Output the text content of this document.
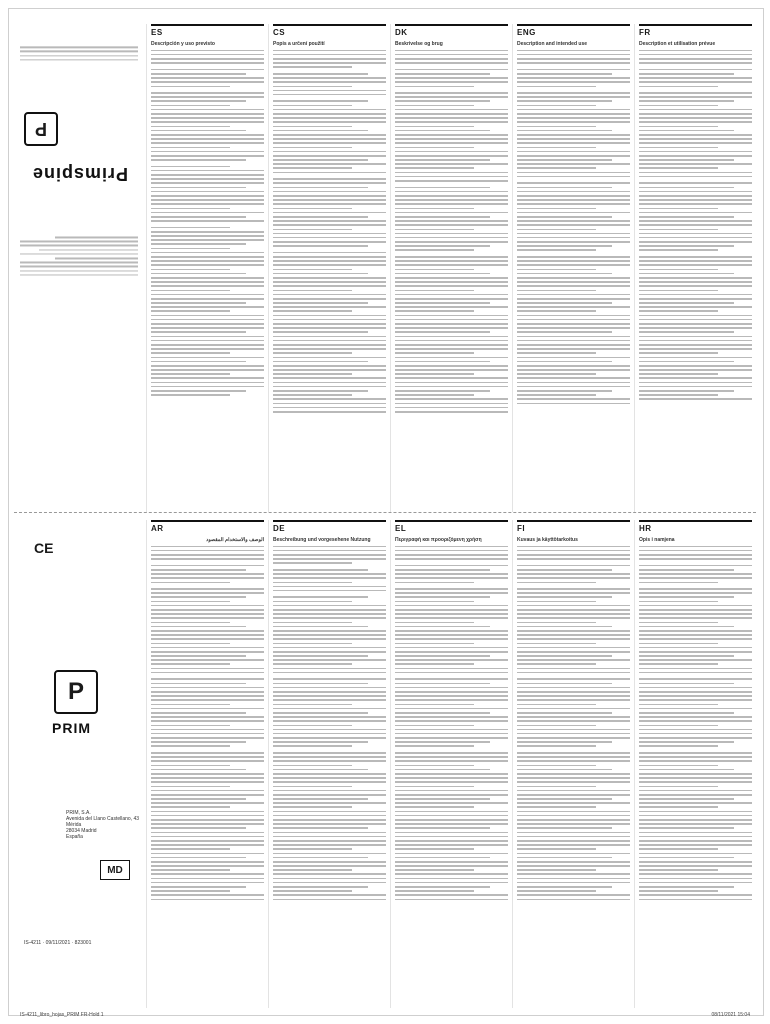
Primspine
P
ES
Descripción y uso previsto
CS
Popis a určení použití
DK
Beskrivelse og brug
ENG
Description and intended use
FR
Description et utilisation prévue
P
PRIM
PRIM, S.A.
Avenida del Llano Castellano, 43
Mérida
28034 Madrid
España
MD
IS-4211 · 09/11/2021 · 823001
CE
AR
الوصف والاستخدام المقصود
DE
Beschreibung und vorgesehene Nutzung
EL
Περιγραφή και προοριζόμενη χρήση
FI
Kuvaus ja käyttötarkoitus
HR
Opis i namjena
IS-4211_libro_hojas_PRIM FR-Hold 1	08/11/2021 15:04
